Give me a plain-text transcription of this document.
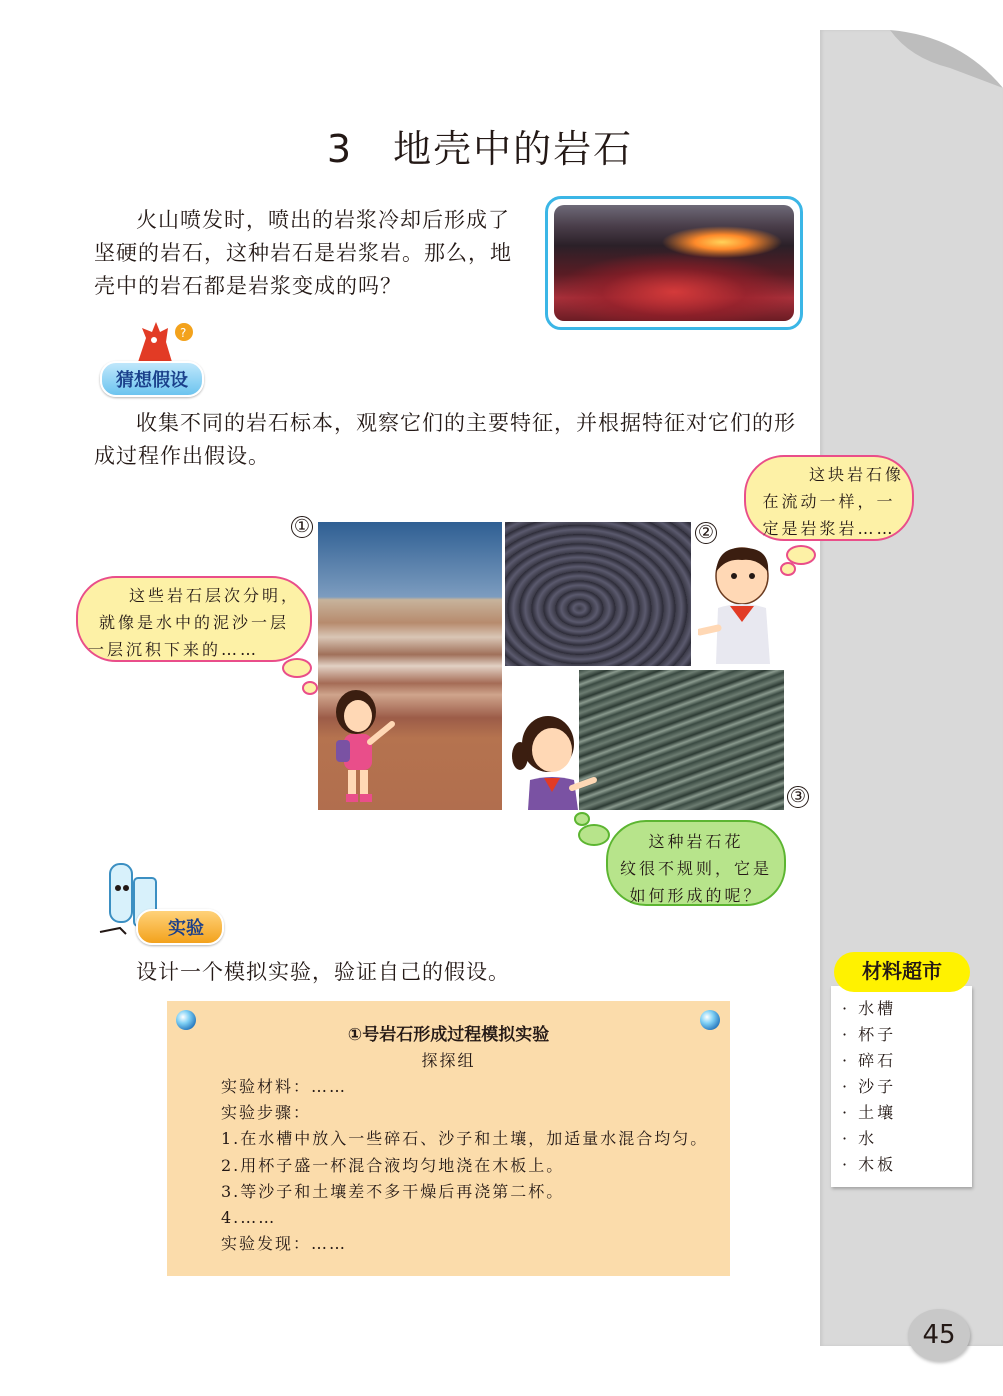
3　地壳中的岩石
火山喷发时，喷出的岩浆冷却后形成了坚硬的岩石，这种岩石是岩浆岩。那么，地壳中的岩石都是岩浆变成的吗？
?
猜想假设
收集不同的岩石标本，观察它们的主要特征，并根据特征对它们的形成过程作出假设。
①	②
③
这些岩石层次分明，
就像是水中的泥沙一层
一层沉积下来的……
这块岩石像
在流动一样，一
定是岩浆岩……
这种岩石花
纹很不规则，它是
如何形成的呢？
实验
设计一个模拟实验，验证自己的假设。
①号岩石形成过程模拟实验
探探组
实验材料：……
实验步骤：
1.在水槽中放入一些碎石、沙子和土壤，加适量水混合均匀。
2.用杯子盛一杯混合液均匀地浇在木板上。
3.等沙子和土壤差不多干燥后再浇第二杯。
4.……
实验发现：……
材料超市
· 水槽
· 杯子
· 碎石
· 沙子
· 土壤
· 水
· 木板
45
